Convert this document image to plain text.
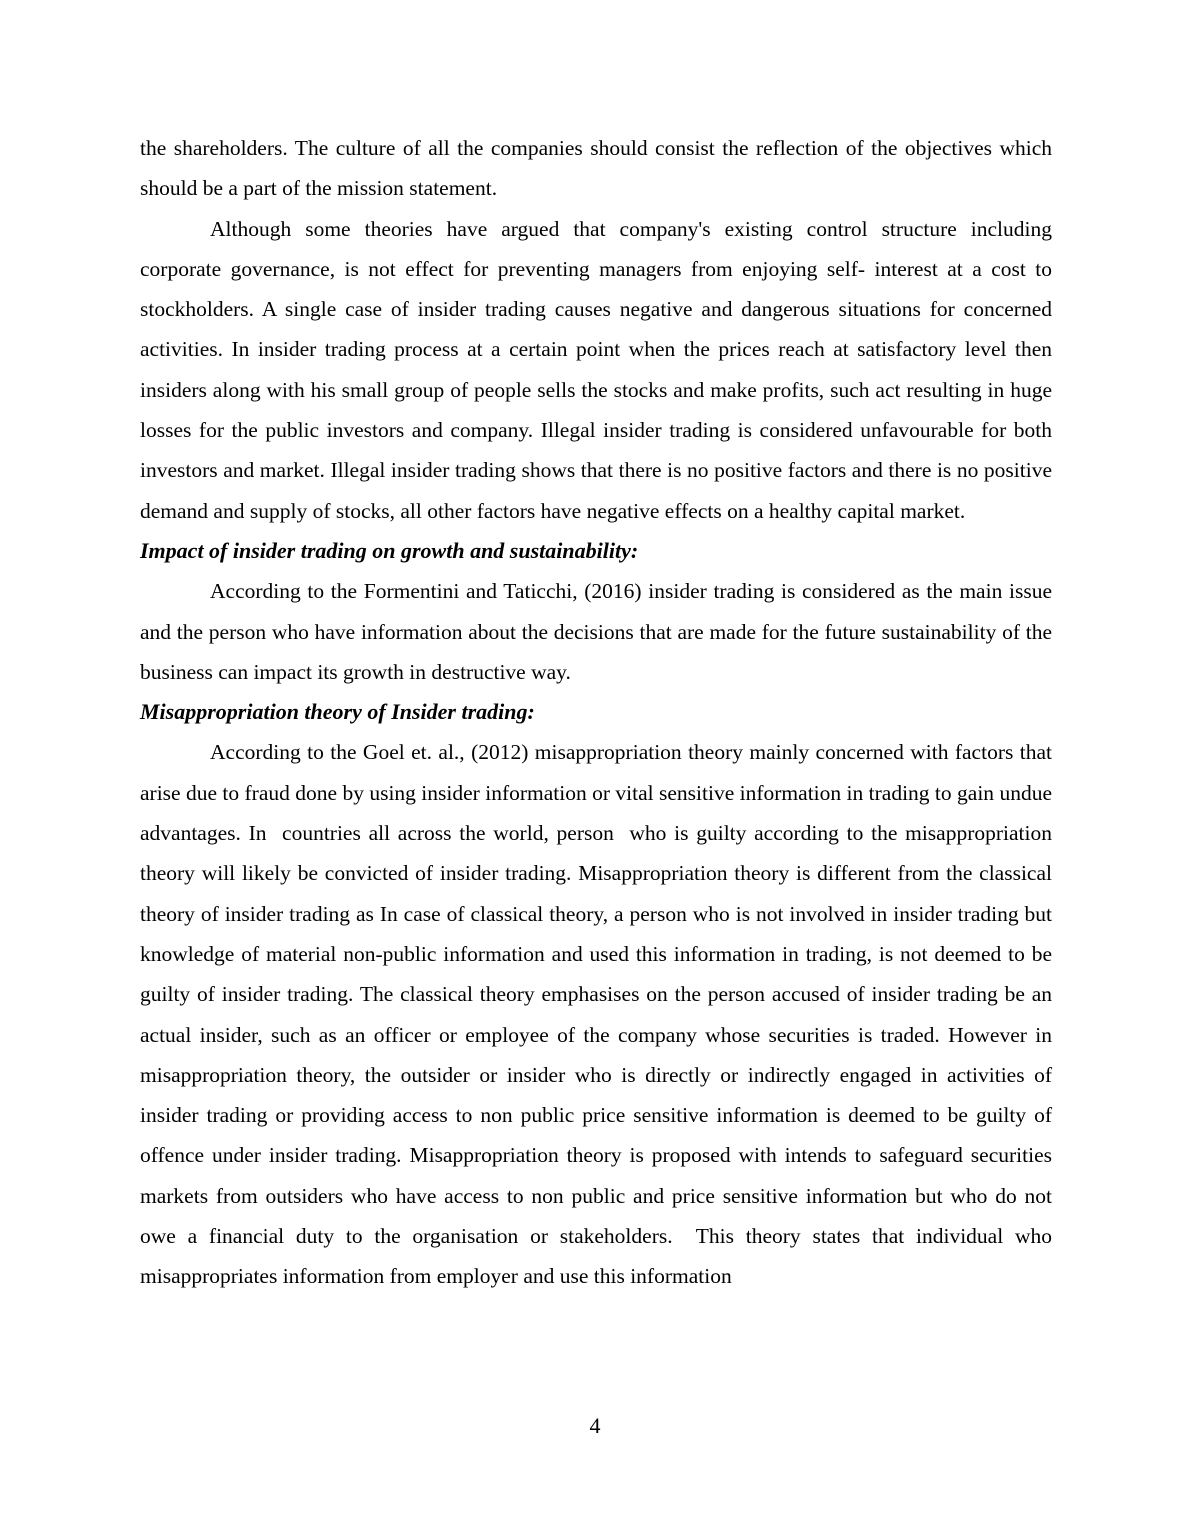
the shareholders. The culture of all the companies should consist the reflection of the objectives which should be a part of the mission statement.

Although some theories have argued that company's existing control structure including corporate governance, is not effect for preventing managers from enjoying self- interest at a cost to stockholders. A single case of insider trading causes negative and dangerous situations for concerned activities. In insider trading process at a certain point when the prices reach at satisfactory level then insiders along with his small group of people sells the stocks and make profits, such act resulting in huge losses for the public investors and company. Illegal insider trading is considered unfavourable for both investors and market. Illegal insider trading shows that there is no positive factors and there is no positive demand and supply of stocks, all other factors have negative effects on a healthy capital market.

Impact of insider trading on growth and sustainability:

According to the Formentini and Taticchi, (2016) insider trading is considered as the main issue and the person who have information about the decisions that are made for the future sustainability of the business can impact its growth in destructive way.

Misappropriation theory of Insider trading:

According to the Goel et. al., (2012) misappropriation theory mainly concerned with factors that arise due to fraud done by using insider information or vital sensitive information in trading to gain undue advantages. In  countries all across the world, person  who is guilty according to the misappropriation theory will likely be convicted of insider trading. Misappropriation theory is different from the classical theory of insider trading as In case of classical theory, a person who is not involved in insider trading but knowledge of material non-public information and used this information in trading, is not deemed to be guilty of insider trading. The classical theory emphasises on the person accused of insider trading be an actual insider, such as an officer or employee of the company whose securities is traded. However in misappropriation theory, the outsider or insider who is directly or indirectly engaged in activities of insider trading or providing access to non public price sensitive information is deemed to be guilty of offence under insider trading. Misappropriation theory is proposed with intends to safeguard securities markets from outsiders who have access to non public and price sensitive information but who do not owe a financial duty to the organisation or stakeholders.  This theory states that individual who misappropriates information from employer and use this information

4
